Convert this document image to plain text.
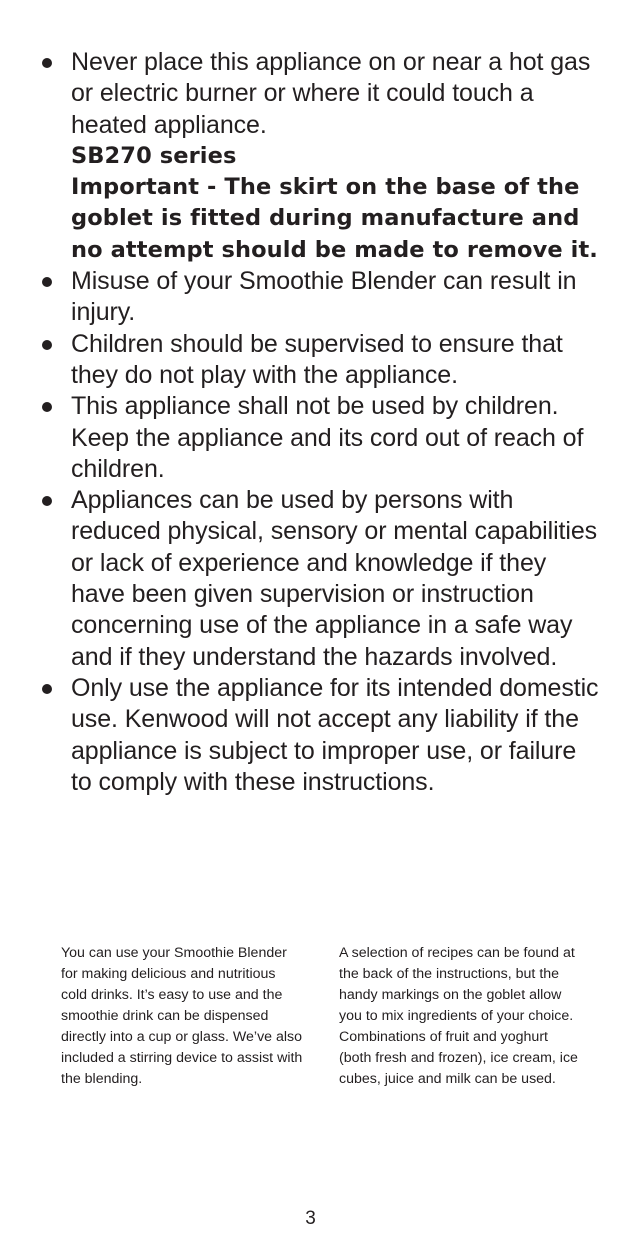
Never place this appliance on or near a hot gas or electric burner or where it could touch a heated appliance.
SB270 series
Important - The skirt on the base of the goblet is fitted during manufacture and no attempt should be made to remove it.
Misuse of your Smoothie Blender can result in injury.
Children should be supervised to ensure that they do not play with the appliance.
This appliance shall not be used by children. Keep the appliance and its cord out of reach of children.
Appliances can be used by persons with reduced physical, sensory or mental capabilities or lack of experience and knowledge if they have been given supervision or instruction concerning use of the appliance in a safe way and if they understand the hazards involved.
Only use the appliance for its intended domestic use. Kenwood will not accept any liability if the appliance is subject to improper use, or failure to comply with these instructions.
You can use your Smoothie Blender for making delicious and nutritious cold drinks. It’s easy to use and the smoothie drink can be dispensed directly into a cup or glass. We’ve also included a stirring device to assist with the blending.
A selection of recipes can be found at the back of the instructions, but the handy markings on the goblet allow you to mix ingredients of your choice. Combinations of fruit and yoghurt (both fresh and frozen), ice cream, ice cubes, juice and milk can be used.
3
